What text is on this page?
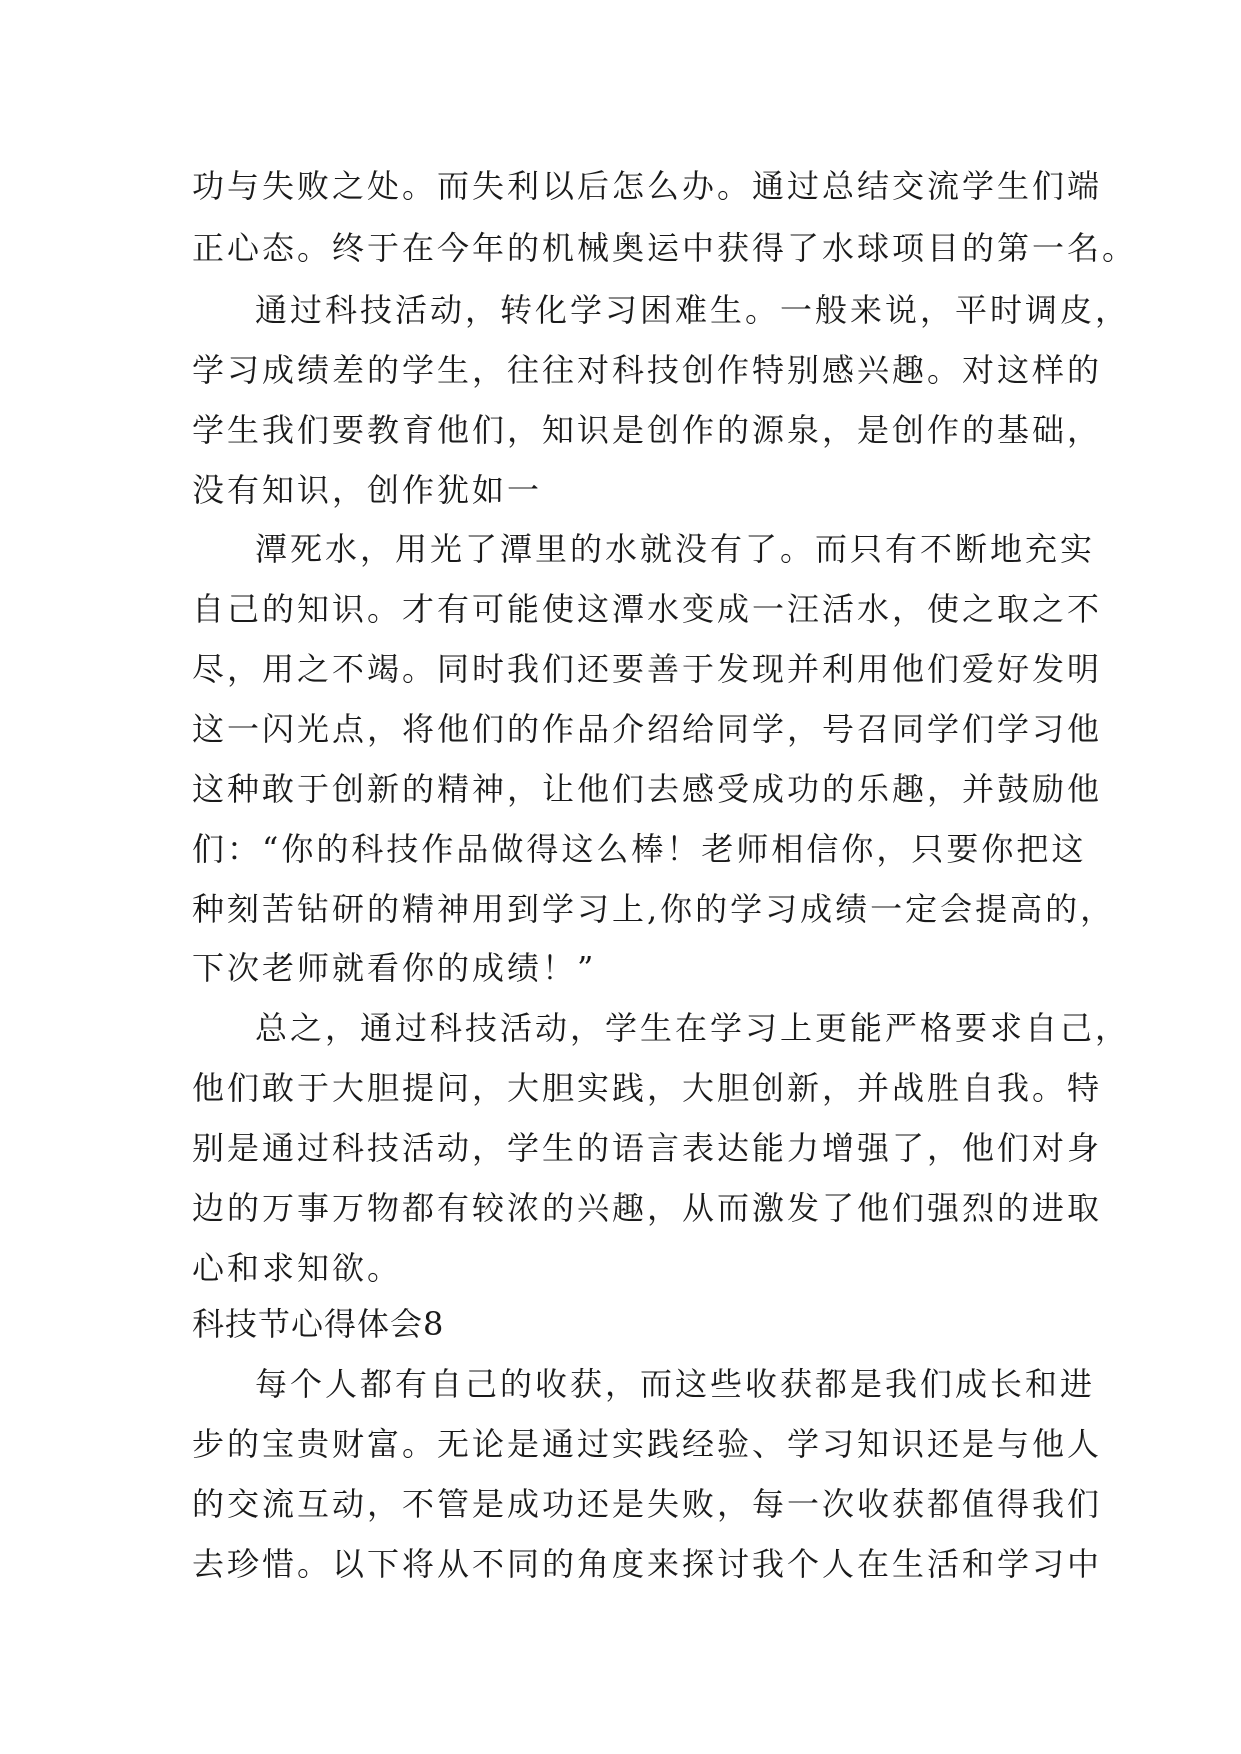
功与失败之处。而失利以后怎么办。通过总结交流学生们端
正心态。终于在今年的机械奥运中获得了水球项目的第一名。
通过科技活动，转化学习困难生。一般来说，平时调皮，
学习成绩差的学生，往往对科技创作特别感兴趣。对这样的
学生我们要教育他们，知识是创作的源泉，是创作的基础，
没有知识，创作犹如一
潭死水，用光了潭里的水就没有了。而只有不断地充实
自己的知识。才有可能使这潭水变成一汪活水，使之取之不
尽，用之不竭。同时我们还要善于发现并利用他们爱好发明
这一闪光点，将他们的作品介绍给同学，号召同学们学习他
这种敢于创新的精神，让他们去感受成功的乐趣，并鼓励他
们：“你的科技作品做得这么棒！老师相信你，只要你把这
种刻苦钻研的精神用到学习上,你的学习成绩一定会提高的，
下次老师就看你的成绩！”
总之，通过科技活动，学生在学习上更能严格要求自己，
他们敢于大胆提问，大胆实践，大胆创新，并战胜自我。特
别是通过科技活动，学生的语言表达能力增强了，他们对身
边的万事万物都有较浓的兴趣，从而激发了他们强烈的进取
心和求知欲。
科技节心得体会8
每个人都有自己的收获，而这些收获都是我们成长和进
步的宝贵财富。无论是通过实践经验、学习知识还是与他人
的交流互动，不管是成功还是失败，每一次收获都值得我们
去珍惜。以下将从不同的角度来探讨我个人在生活和学习中
